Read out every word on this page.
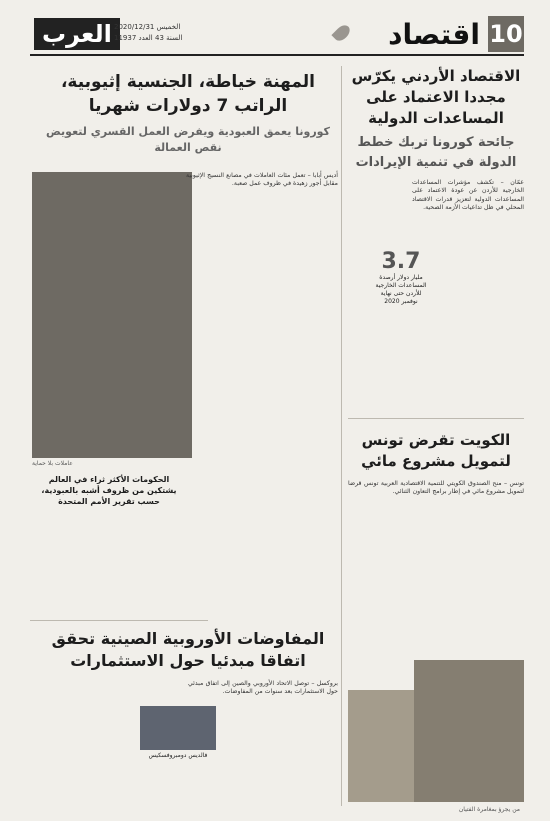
10
اقتصاد
العرب الخميس 2020/12/31
السنة 43 العدد 11937
الاقتصاد الأردني يكرّس مجددا الاعتماد على المساعدات الدولية
جائحة كورونا تربك خطط الدولة في تنمية الإيرادات
عمّان – تكشف مؤشرات المساعدات الخارجية للأردن عن عودة الاعتماد على المساعدات الدولية لتعزيز قدرات الاقتصاد المحلي في ظل تداعيات الأزمة الصحية.
3.7
مليار دولار أرصدة المساعدات الخارجية للأردن حتى نهاية نوفمبر 2020
الكويت تقرض تونس لتمويل مشروع مائي
تونس – منح الصندوق الكويتي للتنمية الاقتصادية العربية تونس قرضا لتمويل مشروع مائي في إطار برامج التعاون الثنائي.
من يجرؤ بمغامرة الفتيان
المهنة خياطة، الجنسية إثيوبية، الراتب 7 دولارات شهريا
كورونا يعمق العبودية ويفرض العمل القسري لتعويض نقص العمالة
عاملات بلا حماية
أديس أبابا – تعمل مئات العاملات في مصانع النسيج الإثيوبية مقابل أجور زهيدة في ظروف عمل صعبة.
الحكومات الأكثر ثراء في العالم يشتكين من ظروف أشبه بالعبودية، حسب تقرير الأمم المتحدة
المفاوضات الأوروبية الصينية تحقق اتفاقا مبدئيا حول الاستثمارات
بروكسل – توصل الاتحاد الأوروبي والصين إلى اتفاق مبدئي حول الاستثمارات بعد سنوات من المفاوضات.
فالديس دومبروفسكيس
